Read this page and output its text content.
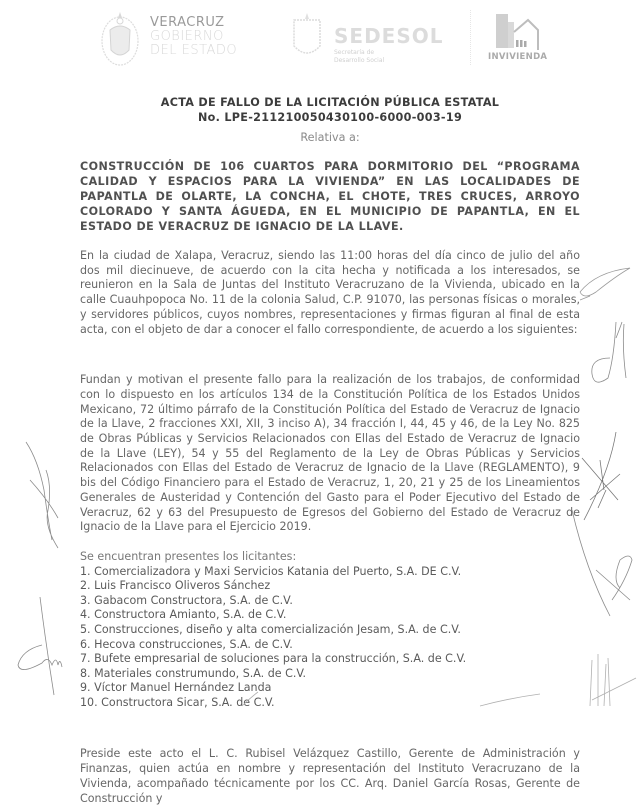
VERACRUZ
GOBIERNO
DEL ESTADO
SEDESOL
Secretaría de
Desarrollo Social	INVIVIENDA
ACTA DE FALLO DE LA LICITACIÓN PÚBLICA ESTATAL
No. LPE-211210050430100-6000-003-19
Relativa a:
CONSTRUCCIÓN DE 106 CUARTOS PARA DORMITORIO DEL “PROGRAMA CALIDAD Y ESPACIOS PARA LA VIVIENDA” EN LAS LOCALIDADES DE PAPANTLA DE OLARTE, LA CONCHA, EL CHOTE, TRES CRUCES, ARROYO COLORADO Y SANTA ÁGUEDA, EN EL MUNICIPIO DE PAPANTLA, EN EL ESTADO DE VERACRUZ DE IGNACIO DE LA LLAVE.
En la ciudad de Xalapa, Veracruz, siendo las 11:00 horas del día cinco de julio del año dos mil diecinueve, de acuerdo con la cita hecha y notificada a los interesados, se reunieron en la Sala de Juntas del Instituto Veracruzano de la Vivienda, ubicado en la calle Cuauhpopoca No. 11 de la colonia Salud, C.P. 91070, las personas físicas o morales, y servidores públicos, cuyos nombres, representaciones y firmas figuran al final de esta acta, con el objeto de dar a conocer el fallo correspondiente, de acuerdo a los siguientes:
Fundan y motivan el presente fallo para la realización de los trabajos, de conformidad con lo dispuesto en los artículos 134 de la Constitución Política de los Estados Unidos Mexicano, 72 último párrafo de la Constitución Política del Estado de Veracruz de Ignacio de la Llave, 2 fracciones XXI, XII, 3 inciso A), 34 fracción I, 44, 45 y 46, de la Ley No. 825 de Obras Públicas y Servicios Relacionados con Ellas del Estado de Veracruz de Ignacio de la Llave (LEY), 54 y 55 del Reglamento de la Ley de Obras Públicas y Servicios Relacionados con Ellas del Estado de Veracruz de Ignacio de la Llave (REGLAMENTO), 9 bis del Código Financiero para el Estado de Veracruz, 1, 20, 21 y 25 de los Lineamientos Generales de Austeridad y Contención del Gasto para el Poder Ejecutivo del Estado de Veracruz, 62 y 63 del Presupuesto de Egresos del Gobierno del Estado de Veracruz de Ignacio de la Llave para el Ejercicio 2019.
Se encuentran presentes los licitantes:
1. Comercializadora y Maxi Servicios Katania del Puerto, S.A. DE C.V.
2. Luis Francisco Oliveros Sánchez
3. Gabacom Constructora, S.A. de C.V.
4. Constructora Amianto, S.A. de C.V.
5. Construcciones, diseño y alta comercialización Jesam, S.A. de C.V.
6. Hecova construcciones, S.A. de C.V.
7. Bufete empresarial de soluciones para la construcción, S.A. de C.V.
8. Materiales construmundo, S.A. de C.V.
9. Víctor Manuel Hernández Landa
10. Constructora Sicar, S.A. de C.V.
Preside este acto el L. C. Rubisel Velázquez Castillo, Gerente de Administración y Finanzas, quien actúa en nombre y representación del Instituto Veracruzano de la Vivienda, acompañado técnicamente por los CC. Arq. Daniel García Rosas, Gerente de Construcción y
